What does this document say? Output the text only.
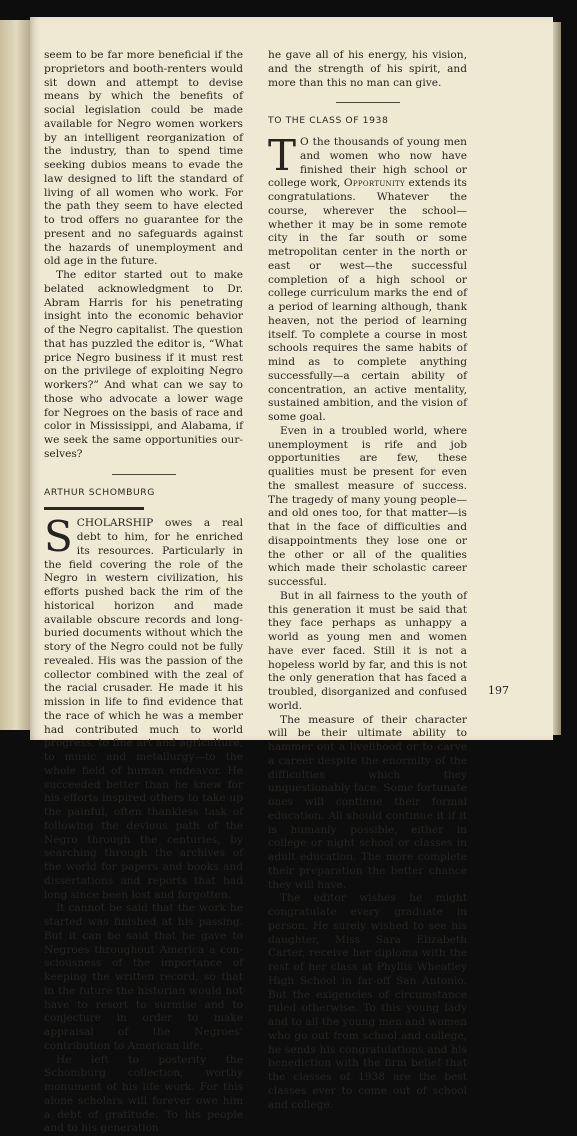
seem to be far more beneficial if the proprietors and booth-renters would sit down and attempt to devise means by which the benefits of social legislation could be made available for Negro women workers by an intelligent reorganization of the industry, than to spend time seeking dubios means to evade the law designed to lift the standard of living of all women who work. For the path they seem to have elected to trod offers no guarantee for the present and no safeguards against the hazards of unemployment and old age in the future.

The editor started out to make belated acknowledgment to Dr. Abram Harris for his penetrating insight into the economic behavior of the Negro capitalist. The question that has puzzled the editor is, “What price Negro business if it must rest on the privilege of exploiting Negro workers?” And what can we say to those who advocate a lower wage for Negroes on the basis of race and color in Mississippi, and Alabama, if we seek the same opportunities ourselves?

ARTHUR SCHOMBURG

SCHOLARSHIP owes a real debt to him, for he enriched its resources. Particularly in the field covering the role of the Negro in western civilization, his efforts pushed back the rim of the historical horizon and made available obscure records and long-buried documents without which the story of the Negro could not be fully revealed. His was the passion of the collector combined with the zeal of the racial crusader. He made it his mission in life to find evidence that the race of which he was a member had contributed much to world progress, to fine art and agriculture, to music and metallurgy—to the whole field of human endeavor. He succeeded better than he knew for his efforts inspired others to take up the painful, often thankless task of following the devious path of the Negro through the centuries, by searching through the archives of the world for papers and books and dissertations and reports that had long since been lost and forgotten.

It cannot be said that the work he started was finished at his passing. But it can be said that he gave to Negroes throughout America a consciousness of the importance of keeping the written record, so that in the future the historian would not have to resort to surmise and to conjecture in order to make appraisal of the Negroes’ contribution to American life.

He left to posterity the Schomburg collection, worthy monument of his life work. For this alone scholars will forever owe him a debt of gratitude. To his people and to his generation

he gave all of his energy, his vision, and the strength of his spirit, and more than this no man can give.

TO THE CLASS OF 1938

T O the thousands of young men and women who now have finished their high school or college work, Opportunity extends its congratulations. Whatever the course, wherever the school—whether it may be in some remote city in the far south or some metropolitan center in the north or east or west—the successful completion of a high school or college curriculum marks the end of a period of learning although, thank heaven, not the period of learning itself. To complete a course in most schools requires the same habits of mind as to complete anything successfully—a certain ability of concentration, an active mentality, sustained ambition, and the vision of some goal.

Even in a troubled world, where unemployment is rife and job opportunities are few, these qualities must be present for even the smallest measure of success. The tragedy of many young people—and old ones too, for that matter—is that in the face of difficulties and disappointments they lose one or the other or all of the qualities which made their scholastic career successful.

But in all fairness to the youth of this generation it must be said that they face perhaps as unhappy a world as young men and women have ever faced. Still it is not a hopeless world by far, and this is not the only generation that has faced a troubled, disorganized and confused world.

The measure of their character will be their ultimate ability to hammer out a livelihood or to carve a career despite the enormity of the difficulties which they unquestionably face. Some fortunate ones will continue their formal education. All should continue it if it is humanly possible, either in college or night school or classes in adult education. The more complete their preparation the better chance they will have.

The editor wishes he might congratulate every graduate in person. He surely wished to see his daughter, Miss Sara Elizabeth Carter, receive her diploma with the rest of her class at Phyllis Wheatley High School in far-off San Antonio. But the exigencies of circumstance ruled otherwise. To this young lady and to all the young men and women who go out from school and college, he sends his congratulations and his benediction with the firm belief that the classes of 1938 are the best classes ever to come out of school and college.

197
